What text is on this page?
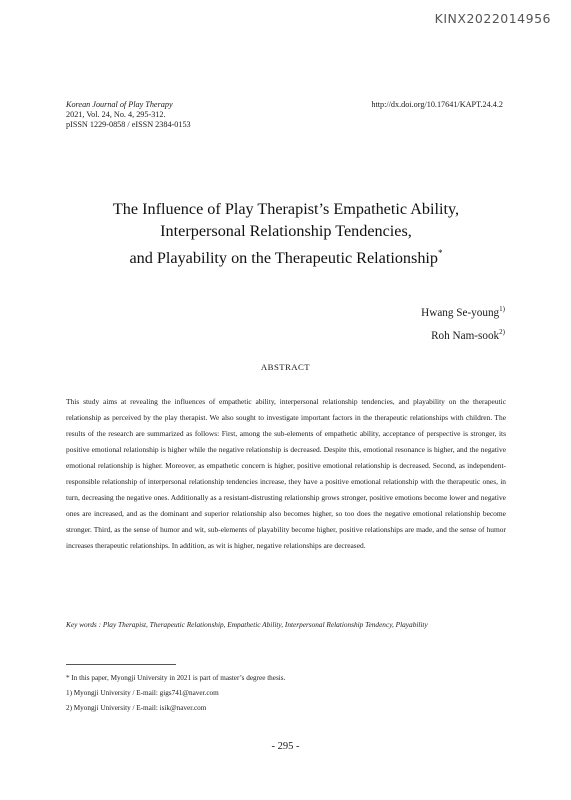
KINX2022014956
Korean Journal of Play Therapy
2021, Vol. 24, No. 4, 295-312.
pISSN 1229-0858 / eISSN 2384-0153
http://dx.doi.org/10.17641/KAPT.24.4.2
The Influence of Play Therapist’s Empathetic Ability,
Interpersonal Relationship Tendencies,
and Playability on the Therapeutic Relationship*
Hwang Se-young$^{1)}$
Roh Nam-sook$^{2)}$
ABSTRACT

This study aims at revealing the influences of empathetic ability, interpersonal relationship tendencies, and playability on the therapeutic relationship as perceived by the play therapist. We also sought to investigate important factors in the therapeutic relationships with children. The results of the research are summarized as follows: First, among the sub-elements of empathetic ability, acceptance of perspective is stronger, its positive emotional relationship is higher while the negative relationship is decreased. Despite this, emotional resonance is higher, and the negative emotional relationship is higher. Moreover, as empathetic concern is higher, positive emotional relationship is decreased. Second, as independent-responsible relationship of interpersonal relationship tendencies increase, they have a positive emotional relationship with the therapeutic ones, in turn, decreasing the negative ones. Additionally as a resistant-distrusting relationship grows stronger, positive emotions become lower and negative ones are increased, and as the dominant and superior relationship also becomes higher, so too does the negative emotional relationship become stronger. Third, as the sense of humor and wit, sub-elements of playability become higher, positive relationships are made, and the sense of humor increases therapeutic relationships. In addition, as wit is higher, negative relationships are decreased.

Key words : Play Therapist, Therapeutic Relationship, Empathetic Ability, Interpersonal Relationship Tendency, Playability
* In this paper, Myongji University in 2021 is part of master’s degree thesis.
1) Myongji University / E-mail: gigs741@naver.com
2) Myongji University / E-mail: isik@naver.com
- 295 -
